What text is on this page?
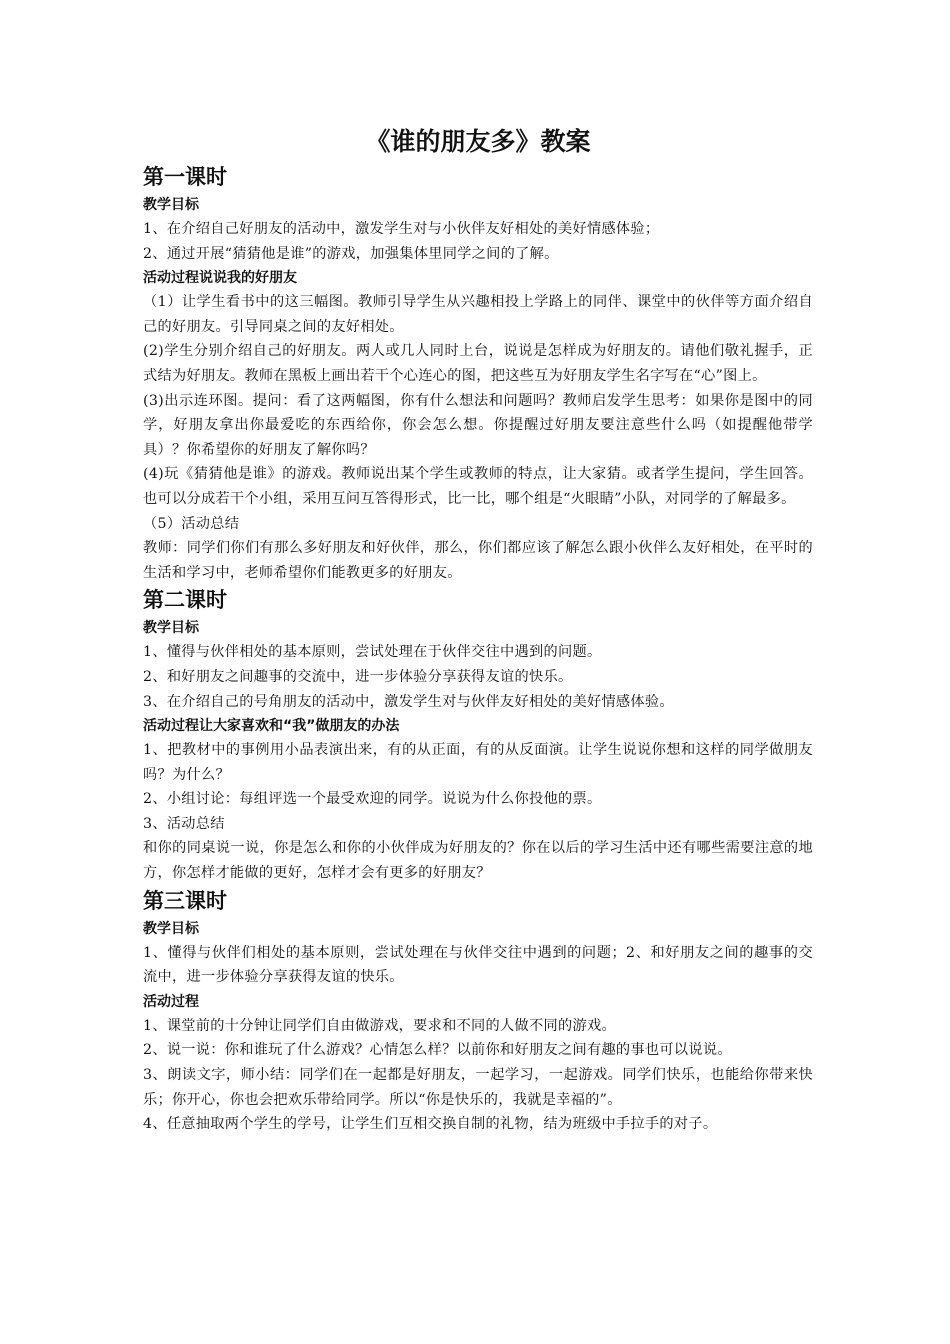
《谁的朋友多》教案
第一课时
教学目标

1、在介绍自己好朋友的活动中，激发学生对与小伙伴友好相处的美好情感体验；

2、通过开展“猜猜他是谁”的游戏，加强集体里同学之间的了解。

活动过程说说我的好朋友

（1）让学生看书中的这三幅图。教师引导学生从兴趣相投上学路上的同伴、课堂中的伙伴等方面介绍自己的好朋友。引导同桌之间的友好相处。

(2)学生分别介绍自己的好朋友。两人或几人同时上台，说说是怎样成为好朋友的。请他们敬礼握手，正式结为好朋友。教师在黑板上画出若干个心连心的图，把这些互为好朋友学生名字写在“心”图上。

(3)出示连环图。提问：看了这两幅图，你有什么想法和问题吗？教师启发学生思考：如果你是图中的同学，好朋友拿出你最爱吃的东西给你，你会怎么想。你提醒过好朋友要注意些什么吗（如提醒他带学具）？你希望你的好朋友了解你吗？

(4)玩《猜猜他是谁》的游戏。教师说出某个学生或教师的特点，让大家猜。或者学生提问，学生回答。也可以分成若干个小组，采用互问互答得形式，比一比，哪个组是“火眼睛”小队，对同学的了解最多。

（5）活动总结

教师：同学们你们有那么多好朋友和好伙伴，那么，你们都应该了解怎么跟小伙伴么友好相处，在平时的生活和学习中，老师希望你们能教更多的好朋友。

第二课时
教学目标

1、懂得与伙伴相处的基本原则，尝试处理在于伙伴交往中遇到的问题。

2、和好朋友之间趣事的交流中，进一步体验分享获得友谊的快乐。

3、在介绍自己的号角朋友的活动中，激发学生对与伙伴友好相处的美好情感体验。

活动过程让大家喜欢和“我”做朋友的办法

1、把教材中的事例用小品表演出来，有的从正面，有的从反面演。让学生说说你想和这样的同学做朋友吗？为什么？

2、小组讨论：每组评选一个最受欢迎的同学。说说为什么你投他的票。

3、活动总结

和你的同桌说一说，你是怎么和你的小伙伴成为好朋友的？你在以后的学习生活中还有哪些需要注意的地方，你怎样才能做的更好，怎样才会有更多的好朋友？

第三课时
教学目标

1、懂得与伙伴们相处的基本原则，尝试处理在与伙伴交往中遇到的问题；2、和好朋友之间的趣事的交流中，进一步体验分享获得友谊的快乐。

活动过程

1、课堂前的十分钟让同学们自由做游戏，要求和不同的人做不同的游戏。

2、说一说：你和谁玩了什么游戏？心情怎么样？以前你和好朋友之间有趣的事也可以说说。

3、朗读文字，师小结：同学们在一起都是好朋友，一起学习，一起游戏。同学们快乐，也能给你带来快乐；你开心，你也会把欢乐带给同学。所以“你是快乐的，我就是幸福的”。

4、任意抽取两个学生的学号，让学生们互相交换自制的礼物，结为班级中手拉手的对子。
